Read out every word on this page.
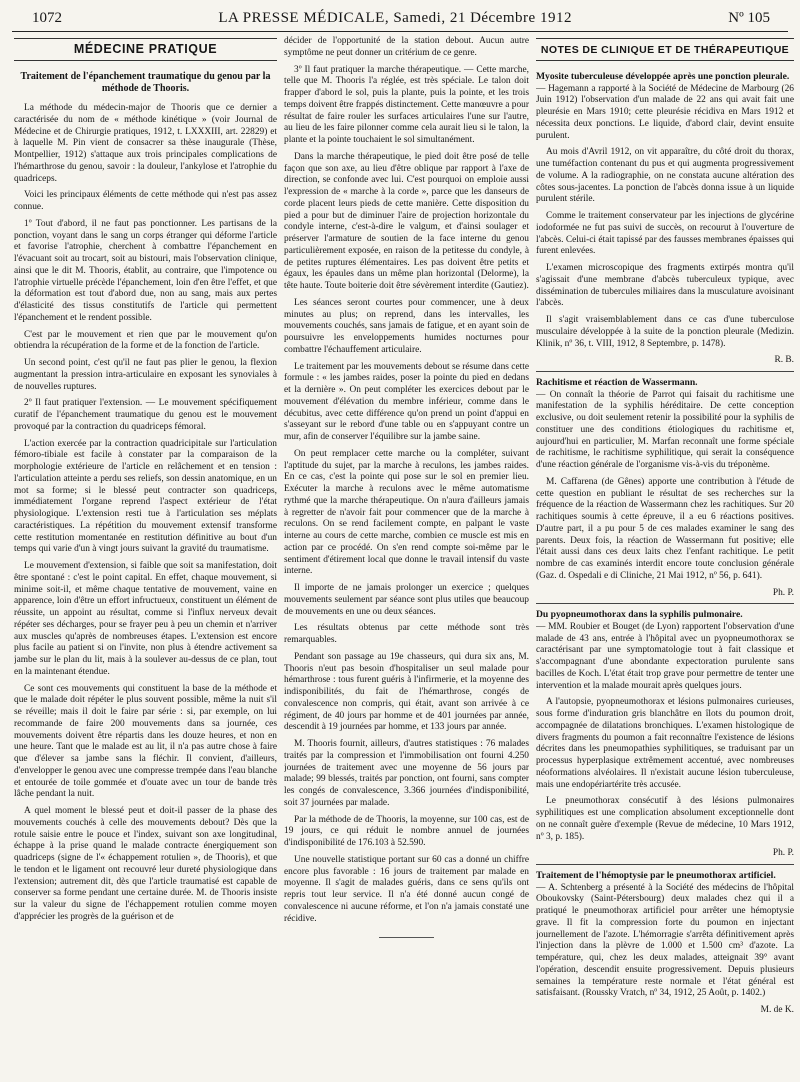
1072	LA PRESSE MÉDICALE, Samedi, 21 Décembre 1912	Nº 105
MÉDECINE PRATIQUE
Traitement de l'épanchement traumatique du genou par la méthode de Thooris.

La méthode du médecin-major de Thooris que ce dernier a caractérisée du nom de « méthode kinétique » (voir Journal de Médecine et de Chirurgie pratiques, 1912, t. LXXXIII, art. 22829) et à laquelle M. Pin vient de consacrer sa thèse inaugurale (Thèse, Montpellier, 1912) s'attaque aux trois principales complications de l'hémarthrose du genou, savoir : la douleur, l'ankylose et l'atrophie du quadriceps.

Voici les principaux éléments de cette méthode qui n'est pas assez connue.

1º Tout d'abord, il ne faut pas ponctionner. Les partisans de la ponction, voyant dans le sang un corps étranger qui déforme l'article et favorise l'atrophie, cherchent à combattre l'épanchement en l'évacuant soit au trocart, soit au bistouri, mais l'observation clinique, ainsi que le dit M. Thooris, établit, au contraire, que l'impotence ou l'atrophie virtuelle précède l'épanchement, loin d'en être l'effet, et que la déformation est tout d'abord due, non au sang, mais aux pertes d'élasticité des tissus constitutifs de l'article qui permettent l'épanchement et le rendent possible.

C'est par le mouvement et rien que par le mouvement qu'on obtiendra la récupération de la forme et de la fonction de l'article.

Un second point, c'est qu'il ne faut pas plier le genou, la flexion augmentant la pression intra-articulaire en exposant les synoviales à de nouvelles ruptures.

2º Il faut pratiquer l'extension. — Le mouvement spécifiquement curatif de l'épanchement traumatique du genou est le mouvement provoqué par la contraction du quadriceps fémoral.

L'action exercée par la contraction quadricipitale sur l'articulation fémoro-tibiale est facile à constater par la comparaison de la morphologie extérieure de l'article en relâchement et en tension : l'articulation atteinte a perdu ses reliefs, son dessin anatomique, en un mot sa forme; si le blessé peut contracter son quadriceps, immédiatement l'organe reprend l'aspect extérieur de l'état physiologique. L'extension resti tue à l'articulation ses méplats caractéristiques. La répétition du mouvement extensif transforme cette restitution momentanée en restitution définitive au bout d'un temps qui varie d'un à vingt jours suivant la gravité du traumatisme.

Le mouvement d'extension, si faible que soit sa manifestation, doit être spontané : c'est le point capital. En effet, chaque mouvement, si minime soit-il, et même chaque tentative de mouvement, vaine en apparence, loin d'être un effort infructueux, constituent un élément de réussite, un appoint au résultat, comme si l'influx nerveux devait répéter ses décharges, pour se frayer peu à peu un chemin et n'arriver aux muscles qu'après de nombreuses étapes. L'extension est encore plus facile au patient si on l'invite, non plus à étendre activement sa jambe sur le plan du lit, mais à la soulever au-dessus de ce plan, tout en la maintenant étendue.

Ce sont ces mouvements qui constituent la base de la méthode et que le malade doit répéter le plus souvent possible, même la nuit s'il se réveille; mais il doit le faire par série : si, par exemple, on lui recommande de faire 200 mouvements dans sa journée, ces mouvements doivent être répartis dans les douze heures, et non en une heure. Tant que le malade est au lit, il n'a pas autre chose à faire que d'élever sa jambe sans la fléchir. Il convient, d'ailleurs, d'envelopper le genou avec une compresse trempée dans l'eau blanche et entourée de toile gommée et d'ouate avec un tour de bande très lâche pendant la nuit.

A quel moment le blessé peut et doit-il passer de la phase des mouvements couchés à celle des mouvements debout? Dès que la rotule saisie entre le pouce et l'index, suivant son axe longitudinal, échappe à la prise quand le malade contracte énergiquement son quadriceps (signe de l'« échappement rotulien », de Thooris), et que le tendon et le ligament ont recouvré leur dureté physiologique dans l'extension; autrement dit, dès que l'article traumatisé est capable de conserver sa forme pendant une certaine durée. M. de Thooris insiste sur la valeur du signe de l'échappement rotulien comme moyen d'apprécier les progrès de la guérison et de

décider de l'opportunité de la station debout. Aucun autre symptôme ne peut donner un critérium de ce genre.

3º Il faut pratiquer la marche thérapeutique. — Cette marche, telle que M. Thooris l'a réglée, est très spéciale. Le talon doit frapper d'abord le sol, puis la plante, puis la pointe, et les trois temps doivent être frappés distinctement. Cette manœuvre a pour résultat de faire rouler les surfaces articulaires l'une sur l'autre, au lieu de les faire pilonner comme cela aurait lieu si le talon, la plante et la pointe touchaient le sol simultanément.

Dans la marche thérapeutique, le pied doit être posé de telle façon que son axe, au lieu d'être oblique par rapport à l'axe de direction, se confonde avec lui. C'est pourquoi on emploie aussi l'expression de « marche à la corde », parce que les danseurs de corde placent leurs pieds de cette manière. Cette disposition du pied a pour but de diminuer l'aire de projection horizontale du condyle interne, c'est-à-dire le valgum, et d'ainsi soulager et préserver l'armature de soutien de la face interne du genou particulièrement exposée, en raison de la petitesse du condyle, à de petites ruptures élémentaires. Les pas doivent être petits et égaux, les épaules dans un même plan horizontal (Delorme), la tête haute. Toute boiterie doit être sévèrement interdite (Gautiez).

Les séances seront courtes pour commencer, une à deux minutes au plus; on reprend, dans les intervalles, les mouvements couchés, sans jamais de fatigue, et en ayant soin de poursuivre les enveloppements humides nocturnes pour combattre l'échauffement articulaire.

Le traitement par les mouvements debout se résume dans cette formule : « les jambes raides, poser la pointe du pied en dedans et la dernière ». On peut compléter les exercices debout par le mouvement d'élévation du membre inférieur, comme dans le décubitus, avec cette différence qu'on prend un point d'appui en s'asseyant sur le rebord d'une table ou en s'appuyant contre un mur, afin de conserver l'équilibre sur la jambe saine.

On peut remplacer cette marche ou la compléter, suivant l'aptitude du sujet, par la marche à reculons, les jambes raides. En ce cas, c'est la pointe qui pose sur le sol en premier lieu. Exécuter la marche à reculons avec le même automatisme rythmé que la marche thérapeutique. On n'aura d'ailleurs jamais à regretter de n'avoir fait pour commencer que de la marche à reculons. On se rend facilement compte, en palpant le vaste interne au cours de cette marche, combien ce muscle est mis en action par ce procédé. On s'en rend compte soi-même par le sentiment d'étirement local que donne le travail intensif du vaste interne.

Il importe de ne jamais prolonger un exercice ; quelques mouvements seulement par séance sont plus utiles que beaucoup de mouvements en une ou deux séances.

Les résultats obtenus par cette méthode sont très remarquables.

Pendant son passage au 19e chasseurs, qui dura six ans, M. Thooris n'eut pas besoin d'hospitaliser un seul malade pour hémarthrose : tous furent guéris à l'infirmerie, et la moyenne des indisponibilités, du fait de l'hémarthrose, congés de convalescence non compris, qui était, avant son arrivée à ce régiment, de 40 jours par homme et de 401 journées par année, descendit à 19 journées par homme, et 133 jours par année.

M. Thooris fournit, ailleurs, d'autres statistiques : 76 malades traités par la compression et l'immobilisation ont fourni 4.250 journées de traitement avec une moyenne de 56 jours par malade; 99 blessés, traités par ponction, ont fourni, sans compter les congés de convalescence, 3.366 journées d'indisponibilité, soit 37 journées par malade.

Par la méthode de de Thooris, la moyenne, sur 100 cas, est de 19 jours, ce qui réduit le nombre annuel de journées d'indisponibilité de 176.103 à 52.590.

Une nouvelle statistique portant sur 60 cas a donné un chiffre encore plus favorable : 16 jours de traitement par malade en moyenne. Il s'agit de malades guéris, dans ce sens qu'ils ont repris tout leur service. Il n'a été donné aucun congé de convalescence ni aucune réforme, et l'on n'a jamais constaté une récidive.

NOTES DE CLINIQUE ET DE THÉRAPEUTIQUE
Myosite tuberculeuse développée après une ponction pleurale.

— Hagemann a rapporté à la Société de Médecine de Marbourg (26 Juin 1912) l'observation d'un malade de 22 ans qui avait fait une pleurésie en Mars 1910; cette pleurésie récidiva en Mars 1912 et nécessita deux ponctions. Le liquide, d'abord clair, devint ensuite purulent.

Au mois d'Avril 1912, on vit apparaître, du côté droit du thorax, une tuméfaction contenant du pus et qui augmenta progressivement de volume. A la radiographie, on ne constata aucune altération des côtes sous-jacentes. La ponction de l'abcès donna issue à un liquide purulent stérile.

Comme le traitement conservateur par les injections de glycérine iodoformée ne fut pas suivi de succès, on recourut à l'ouverture de l'abcès. Celui-ci était tapissé par des fausses membranes épaisses qui furent enlevées.

L'examen microscopique des fragments extirpés montra qu'il s'agissait d'une membrane d'abcès tuberculeux typique, avec dissémination de tubercules miliaires dans la musculature avoisinant l'abcès.

Il s'agit vraisemblablement dans ce cas d'une tuberculose musculaire développée à la suite de la ponction pleurale (Medizin. Klinik, nº 36, t. VIII, 1912, 8 Septembre, p. 1478).

R. B.
Rachitisme et réaction de Wassermann.

— On connaît la théorie de Parrot qui faisait du rachitisme une manifestation de la syphilis héréditaire. De cette conception exclusive, ou doit seulement retenir la possibilité pour la syphilis de constituer une des conditions étiologiques du rachitisme et, aujourd'hui en particulier, M. Marfan reconnaît une forme spéciale de rachitisme, le rachitisme syphilitique, qui serait la conséquence d'une réaction générale de l'organisme vis-à-vis du tréponème.

M. Caffarena (de Gênes) apporte une contribution à l'étude de cette question en publiant le résultat de ses recherches sur la fréquence de la réaction de Wassermann chez les rachitiques. Sur 20 rachitiques soumis à cette épreuve, il a eu 6 réactions positives. D'autre part, il a pu pour 5 de ces malades examiner le sang des parents. Deux fois, la réaction de Wassermann fut positive; elle l'était aussi dans ces deux laits chez l'enfant rachitique. Le petit nombre de cas examinés interdit encore toute conclusion générale (Gaz. d. Ospedali e di Cliniche, 21 Mai 1912, nº 56, p. 641).

Ph. P.
Du pyopneumothorax dans la syphilis pulmonaire.

— MM. Roubier et Bouget (de Lyon) rapportent l'observation d'une malade de 43 ans, entrée à l'hôpital avec un pyopneumothorax se caractérisant par une symptomatologie tout à fait classique et s'accompagnant d'une abondante expectoration purulente sans bacilles de Koch. L'état était trop grave pour permettre de tenter une intervention et la malade mourait après quelques jours.

A l'autopsie, pyopneumothorax et lésions pulmonaires curieuses, sous forme d'induration gris blanchâtre en îlots du poumon droit, accompagnée de dilatations bronchiques. L'examen histologique de divers fragments du poumon a fait reconnaître l'existence de lésions décrites dans les pneumopathies syphilitiques, se traduisant par un processus hyperplasique extrêmement accentué, avec nombreuses néoformations alvéolaires. Il n'existait aucune lésion tuberculeuse, mais une endopériartérite très accusée.

Le pneumothorax consécutif à des lésions pulmonaires syphilitiques est une complication absolument exceptionnelle dont on ne connaît guère d'exemple (Revue de médecine, 10 Mars 1912, nº 3, p. 185).

Ph. P.
Traitement de l'hémoptysie par le pneumothorax artificiel.

— A. Schtenberg a présenté à la Société des médecins de l'hôpital Oboukovsky (Saint-Pétersbourg) deux malades chez qui il a pratiqué le pneumothorax artificiel pour arrêter une hémoptysie grave. Il fit la compression forte du poumon en injectant journellement de l'azote. L'hémorragie s'arrêta définitivement après l'injection dans la plèvre de 1.000 et 1.500 cm³ d'azote. La température, qui, chez les deux malades, atteignait 39° avant l'opération, descendit ensuite progressivement. Depuis plusieurs semaines la température reste normale et l'état général est satisfaisant. (Roussky Vratch, nº 34, 1912, 25 Août, p. 1402.)

M. de K.
